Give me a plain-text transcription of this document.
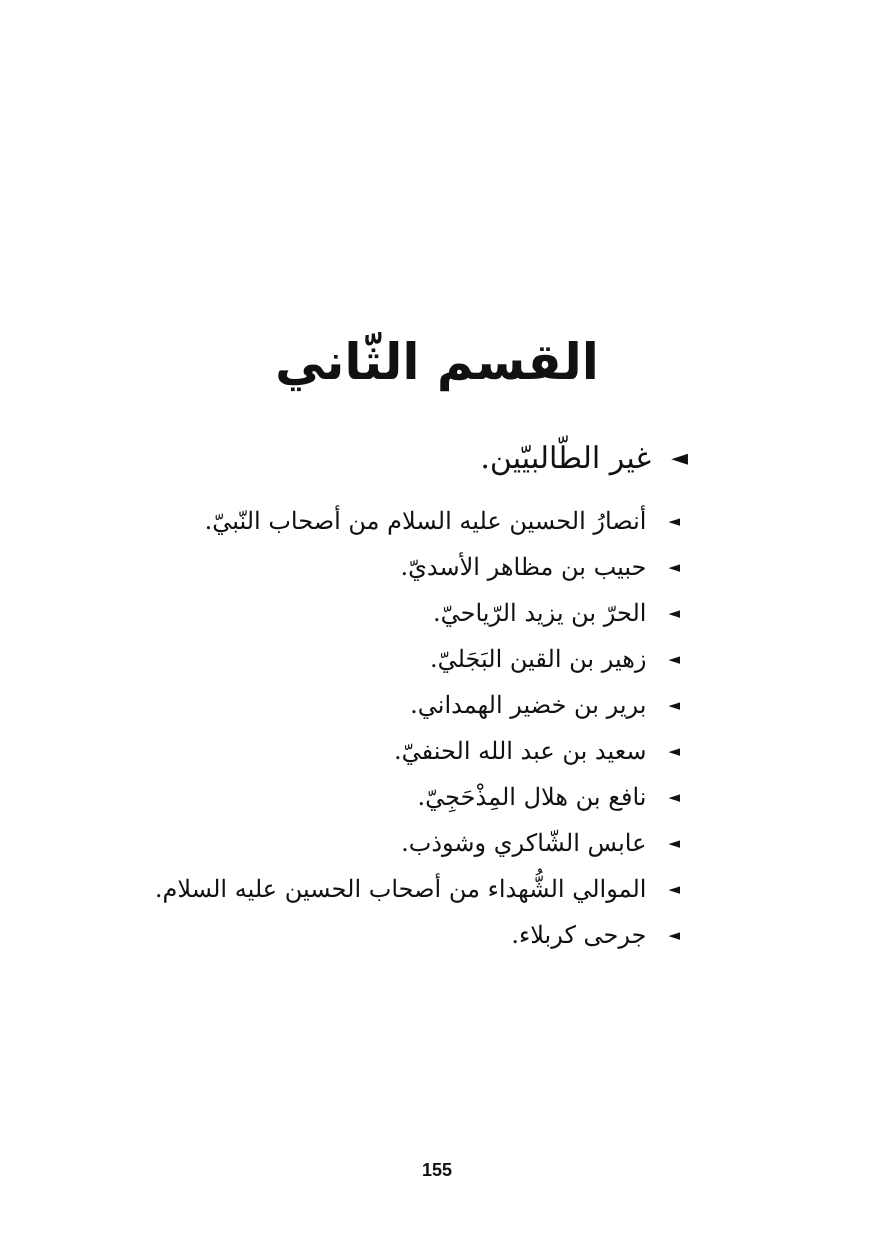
القسم الثّاني
◄
غير الطّالبيّين.
◄
أنصارُ الحسين عليه السلام من أصحاب النّبيّ.
◄
حبيب بن مظاهر الأسديّ.
◄
الحرّ بن يزيد الرّياحيّ.
◄
زهير بن القين البَجَليّ.
◄
برير بن خضير الهمداني.
◄
سعيد بن عبد الله الحنفيّ.
◄
نافع بن هلال المِذْحَجِيّ.
◄
عابس الشّاكري وشوذب.
◄
الموالي الشُّهداء من أصحاب الحسين عليه السلام.
◄
جرحى كربلاء.
155
